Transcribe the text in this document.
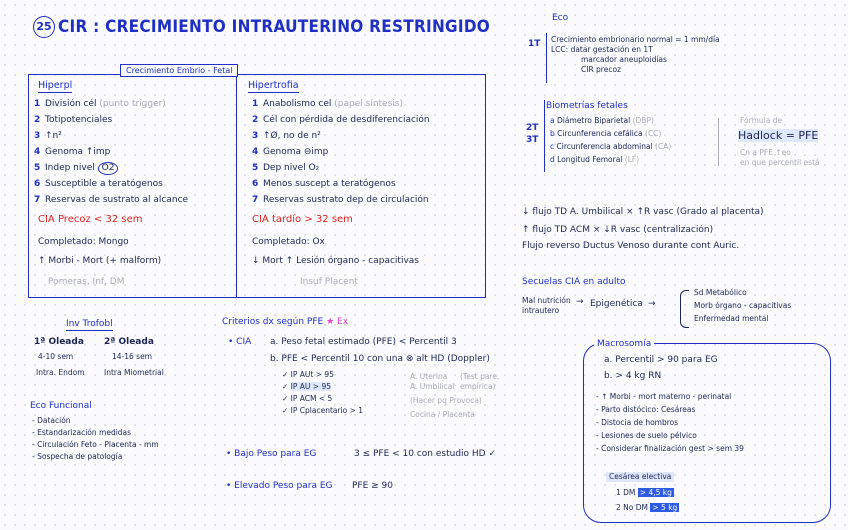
25 CIR : CRECIMIENTO INTRAUTERINO RESTRINGIDO
Crecimiento Embrio - Fetal
Hiperpl
1 División cél (punto trigger)
2 Totipotenciales
3 ↑n²
4 Genoma ↑imp
5 Indep nivel O2
6 Susceptible a teratógenos
7 Reservas de sustrato al alcance
CIA Precoz < 32 sem
Completado: Mongo
↑ Morbi - Mort (+ malform)
Pomeras, Inf, DM
Hipertrofia
1 Anabolismo cel (papel síntesis)
2 Cél con pérdida de desdiferenciación
3 ↑Ø, no de n²
4 Genoma ⊖imp
5 Dep nivel O₂
6 Menos suscept a teratógenos
7 Reservas sustrato dep de circulación
CIA tardío > 32 sem
Completado: Ox
↓ Mort ↑ Lesión órgano - capacitivas
Insuf Placent
Eco
1T Crecimiento embrionario normal = 1 mm/día
LCC: datar gestación en 1T
marcador aneuploidías
CIR precoz
Biometrías fetales
2T
3T
a Diámetro Biparietal (DBP)
b Circunferencia cefálica (CC)
c Circunferencia abdominal (CA)
d Longitud Femoral (LF)
Fórmula de
Hadlock = PFE
Cn a PFE ↑eo
en que percentil está
↓ flujo TD A. Umbilical × ↑R vasc (Grado al placenta)
↑ flujo TD ACM × ↓R vasc (centralización)
Flujo reverso Ductus Venoso durante cont Auric.
Secuelas CIA en adulto
Mal nutrición
intrautero
→ Epigenética →
Sd Metabólico
Morb órgano - capacitivas
Enfermedad mental
Inv Trofobl
1ª Oleada
4-10 sem
Intra. Endom
2ª Oleada
14-16 sem
Intra Miometrial
Eco Funcional
- Datación
- Estandarización medidas
- Circulación Feto - Placenta - mm
- Sospecha de patología
Criterios dx según PFE ★ Ex
• CIA a. Peso fetal estimado (PFE) < Percentil 3
b. PFE < Percentil 10 con una ⊗ alt HD (Doppler)
✓ IP AUt > 95
✓ IP AU > 95
✓ IP ACM < 5
✓ IP Cplacentario > 1
A. Uterina
A. Umbilical
(Test pare.
empírica)
(Hacer pq Provoca)
Cocina / Placenta
• Bajo Peso para EG	3 ≤ PFE < 10 con estudio HD ✓
• Elevado Peso para EG PFE ≥ 90
Macrosomía
a. Percentil > 90 para EG
b. > 4 kg RN
- ↑ Morbi - mort materno - perinatal
- Parto distócico: Cesáreas
- Distocia de hombros
- Lesiones de suelo pélvico
- Considerar finalización gest > sem 39
Cesárea electiva
1 DM > 4,5 kg
2 No DM > 5 kg
